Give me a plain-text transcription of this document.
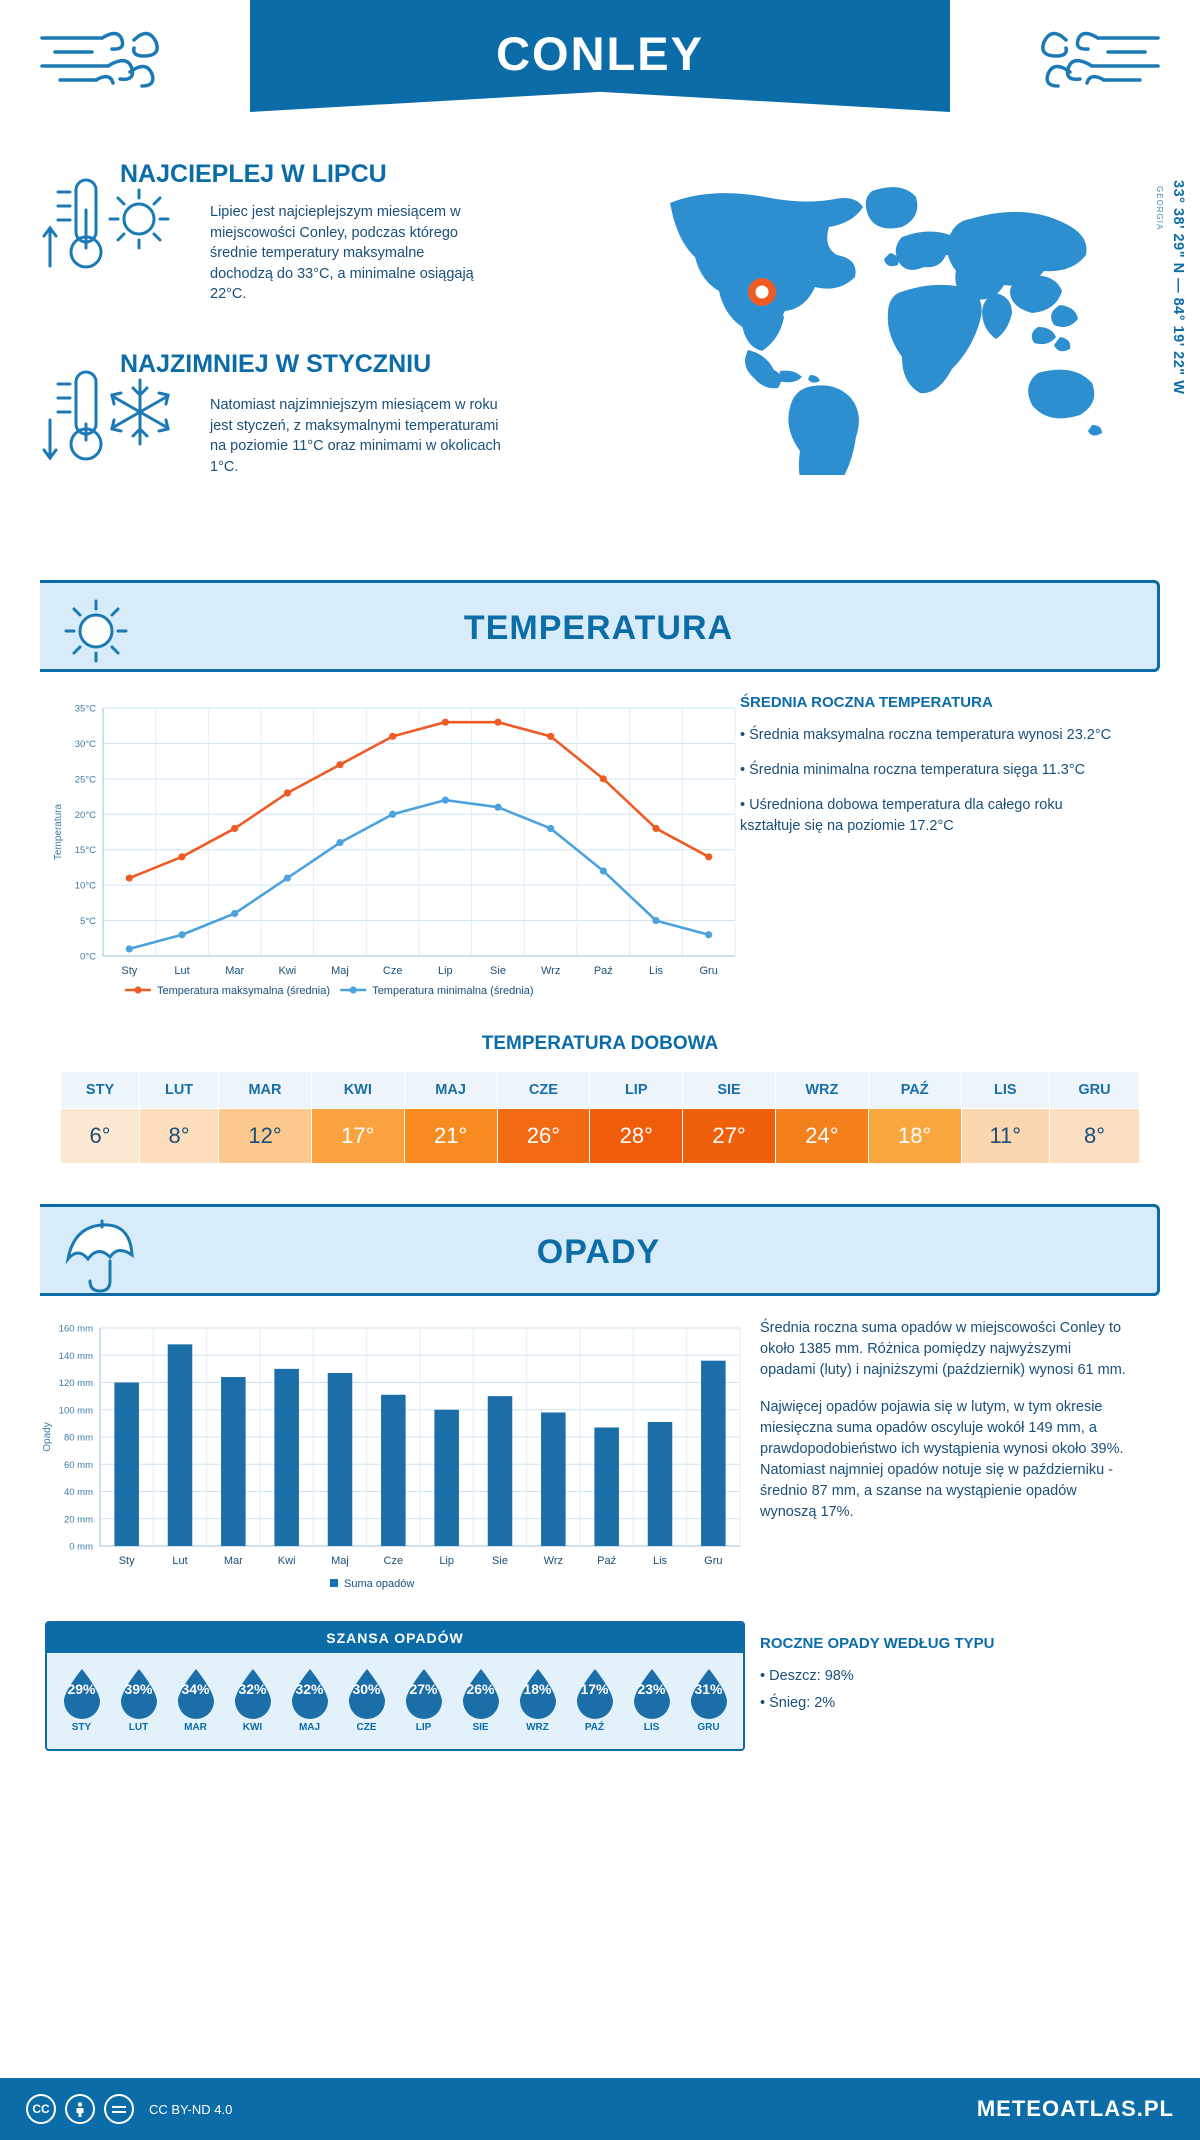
CONLEY
STANY ZJEDNOCZONE

NAJCIEPLEJ W LIPCU

Lipiec jest najcieplejszym miesiącem w miejscowości Conley, podczas którego średnie temperatury maksymalne dochodzą do 33°C, a minimalne osiągają 22°C.

NAJZIMNIEJ W STYCZNIU

Natomiast najzimniejszym miesiącem w roku jest styczeń, z maksymalnymi temperaturami na poziomie 11°C oraz minimami w okolicach 1°C.
33° 38' 29" N — 84° 19' 22" W
GEORGIA
TEMPERATURA
0°C
5°C
10°C
15°C
20°C
25°C
30°C
35°C
Sty	Lut	Mar	Kwi	Maj	Cze	Lip	Sie	Wrz	Paź	Lis	Gru
Temperatura
Temperatura maksymalna (średnia)	Temperatura minimalna (średnia)
ŚREDNIA ROCZNA TEMPERATURA
• Średnia maksymalna roczna temperatura wynosi 23.2°C
• Średnia minimalna roczna temperatura sięga 11.3°C
• Uśredniona dobowa temperatura dla całego roku kształtuje się na poziomie 17.2°C
TEMPERATURA DOBOWA
STY	LUT	MAR	KWI	MAJ	CZE	LIP	SIE	WRZ	PAŹ	LIS	GRU
6°	8°	12°	17°	21°	26°	28°	27°	24°	18°	11°	8°
OPADY
0 mm
20 mm
40 mm
60 mm
80 mm
100 mm
120 mm
140 mm
160 mm
Sty	Lut	Mar	Kwi	Maj	Cze	Lip	Sie	Wrz	Paź	Lis	Gru
Opady
Suma opadów
Średnia roczna suma opadów w miejscowości Conley to około 1385 mm. Różnica pomiędzy najwyższymi opadami (luty) i najniższymi (październik) wynosi 61 mm.
Najwięcej opadów pojawia się w lutym, w tym okresie miesięczna suma opadów oscyluje wokół 149 mm, a prawdopodobieństwo ich wystąpienia wynosi około 39%. Natomiast najmniej opadów notuje się w październiku - średnio 87 mm, a szanse na wystąpienie opadów wynoszą 17%.
SZANSA OPADÓW
29%
STY
39%
LUT
34%
MAR
32%
KWI
32%
MAJ
30%
CZE
27%
LIP
26%
SIE
18%
WRZ
17%
PAŹ
23%
LIS
31%
GRU
ROCZNE OPADY WEDŁUG TYPU
• Deszcz: 98%
• Śnieg: 2%
CC	CC BY-ND 4.0	METEOATLAS.PL
